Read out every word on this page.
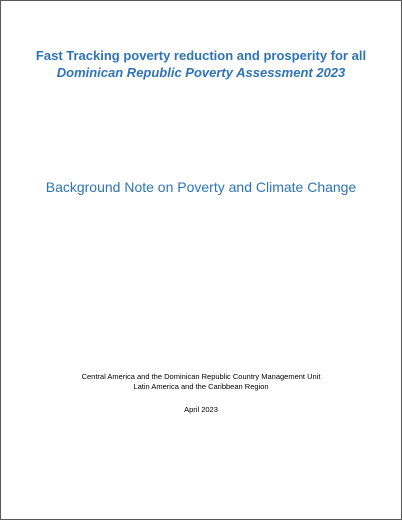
Fast Tracking poverty reduction and prosperity for all
Dominican Republic Poverty Assessment 2023
Background Note on Poverty and Climate Change
Central America and the Dominican Republic Country Management Unit
Latin America and the Caribbean Region
April 2023
